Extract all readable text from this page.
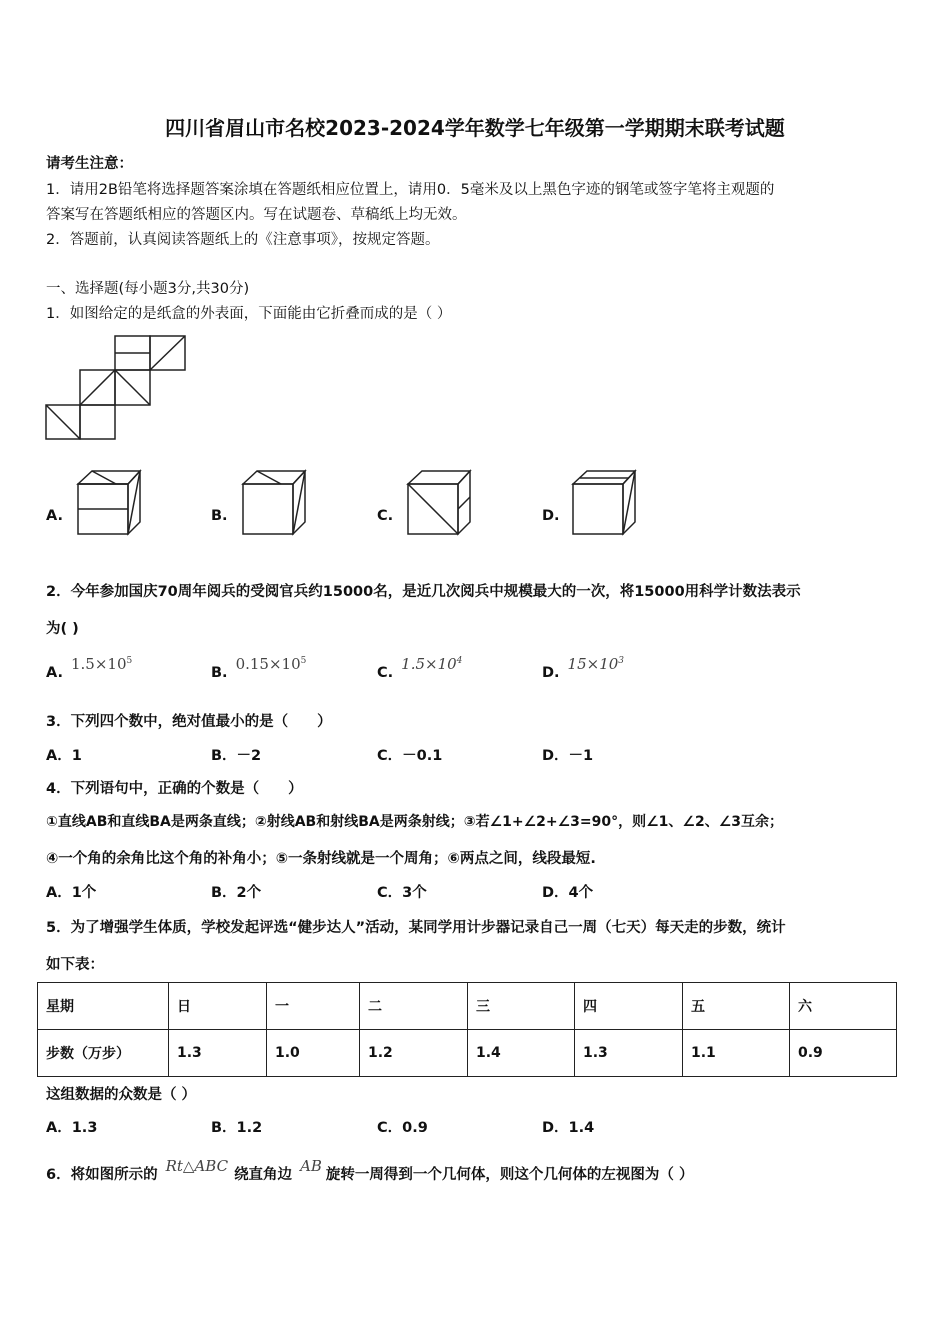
四川省眉山市名校2023-2024学年数学七年级第一学期期末联考试题
请考生注意：
1．请用2B铅笔将选择题答案涂填在答题纸相应位置上，请用0．5毫米及以上黑色字迹的钢笔或签字笔将主观题的
答案写在答题纸相应的答题区内。写在试题卷、草稿纸上均无效。
2．答题前，认真阅读答题纸上的《注意事项》，按规定答题。
一、选择题(每小题3分,共30分)
1．如图给定的是纸盒的外表面，下面能由它折叠而成的是（ ）
A.	B.	C.	D.
2．今年参加国庆70周年阅兵的受阅官兵约15000名，是近几次阅兵中规模最大的一次，将15000用科学计数法表示
为( )
A. $1.5\times 10^5$
B. $0.15\times 10^5$
C. $1.5\times 10^4$
D. $15\times 10^3$
3．下列四个数中，绝对值最小的是（　　）
A．1	B．－2	C．－0.1	D．－1
4．下列语句中，正确的个数是（　　）
①直线AB和直线BA是两条直线；②射线AB和射线BA是两条射线；③若∠1+∠2+∠3=90°，则∠1、∠2、∠3互余；
④一个角的余角比这个角的补角小；⑤一条射线就是一个周角；⑥两点之间，线段最短.
A．1个	B．2个	C．3个	D．4个
5．为了增强学生体质，学校发起评选“健步达人”活动，某同学用计步器记录自己一周（七天）每天走的步数，统计
如下表：
星期	日	一	二	三	四	五	六
步数（万步）	1.3	1.0	1.2	1.4	1.3	1.1	0.9
这组数据的众数是（ ）
A．1.3	B．1.2	C．0.9	D．1.4
6．将如图所示的 Rt△ABC 绕直角边 AB 旋转一周得到一个几何体，则这个几何体的左视图为（ ）
